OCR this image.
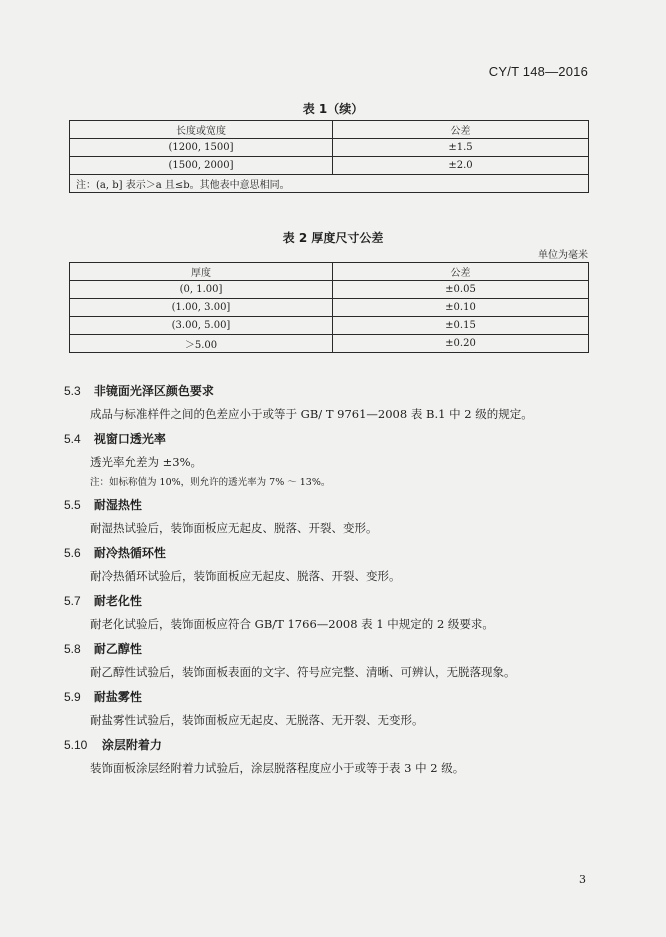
CY/T 148—2016
表 1（续）
长度或宽度	公差
(1200, 1500]	±1.5
(1500, 2000]	±2.0
注：(a, b] 表示＞a 且≤b。其他表中意思相同。	
表 2 厚度尺寸公差
单位为毫米
厚度	公差
(0, 1.00]	±0.05
(1.00, 3.00]	±0.10
(3.00, 5.00]	±0.15
＞5.00	±0.20
5.3 非镜面光泽区颜色要求
成品与标准样件之间的色差应小于或等于 GB/ T 9761—2008 表 B.1 中 2 级的规定。
5.4 视窗口透光率
透光率允差为 ±3%。
注：如标称值为 10%，则允许的透光率为 7% ～ 13%。
5.5 耐湿热性
耐湿热试验后，装饰面板应无起皮、脱落、开裂、变形。
5.6 耐冷热循环性
耐冷热循环试验后，装饰面板应无起皮、脱落、开裂、变形。
5.7 耐老化性
耐老化试验后，装饰面板应符合 GB/T 1766—2008 表 1 中规定的 2 级要求。
5.8 耐乙醇性
耐乙醇性试验后，装饰面板表面的文字、符号应完整、清晰、可辨认，无脱落现象。
5.9 耐盐雾性
耐盐雾性试验后，装饰面板应无起皮、无脱落、无开裂、无变形。
5.10 涂层附着力
装饰面板涂层经附着力试验后，涂层脱落程度应小于或等于表 3 中 2 级。
3
